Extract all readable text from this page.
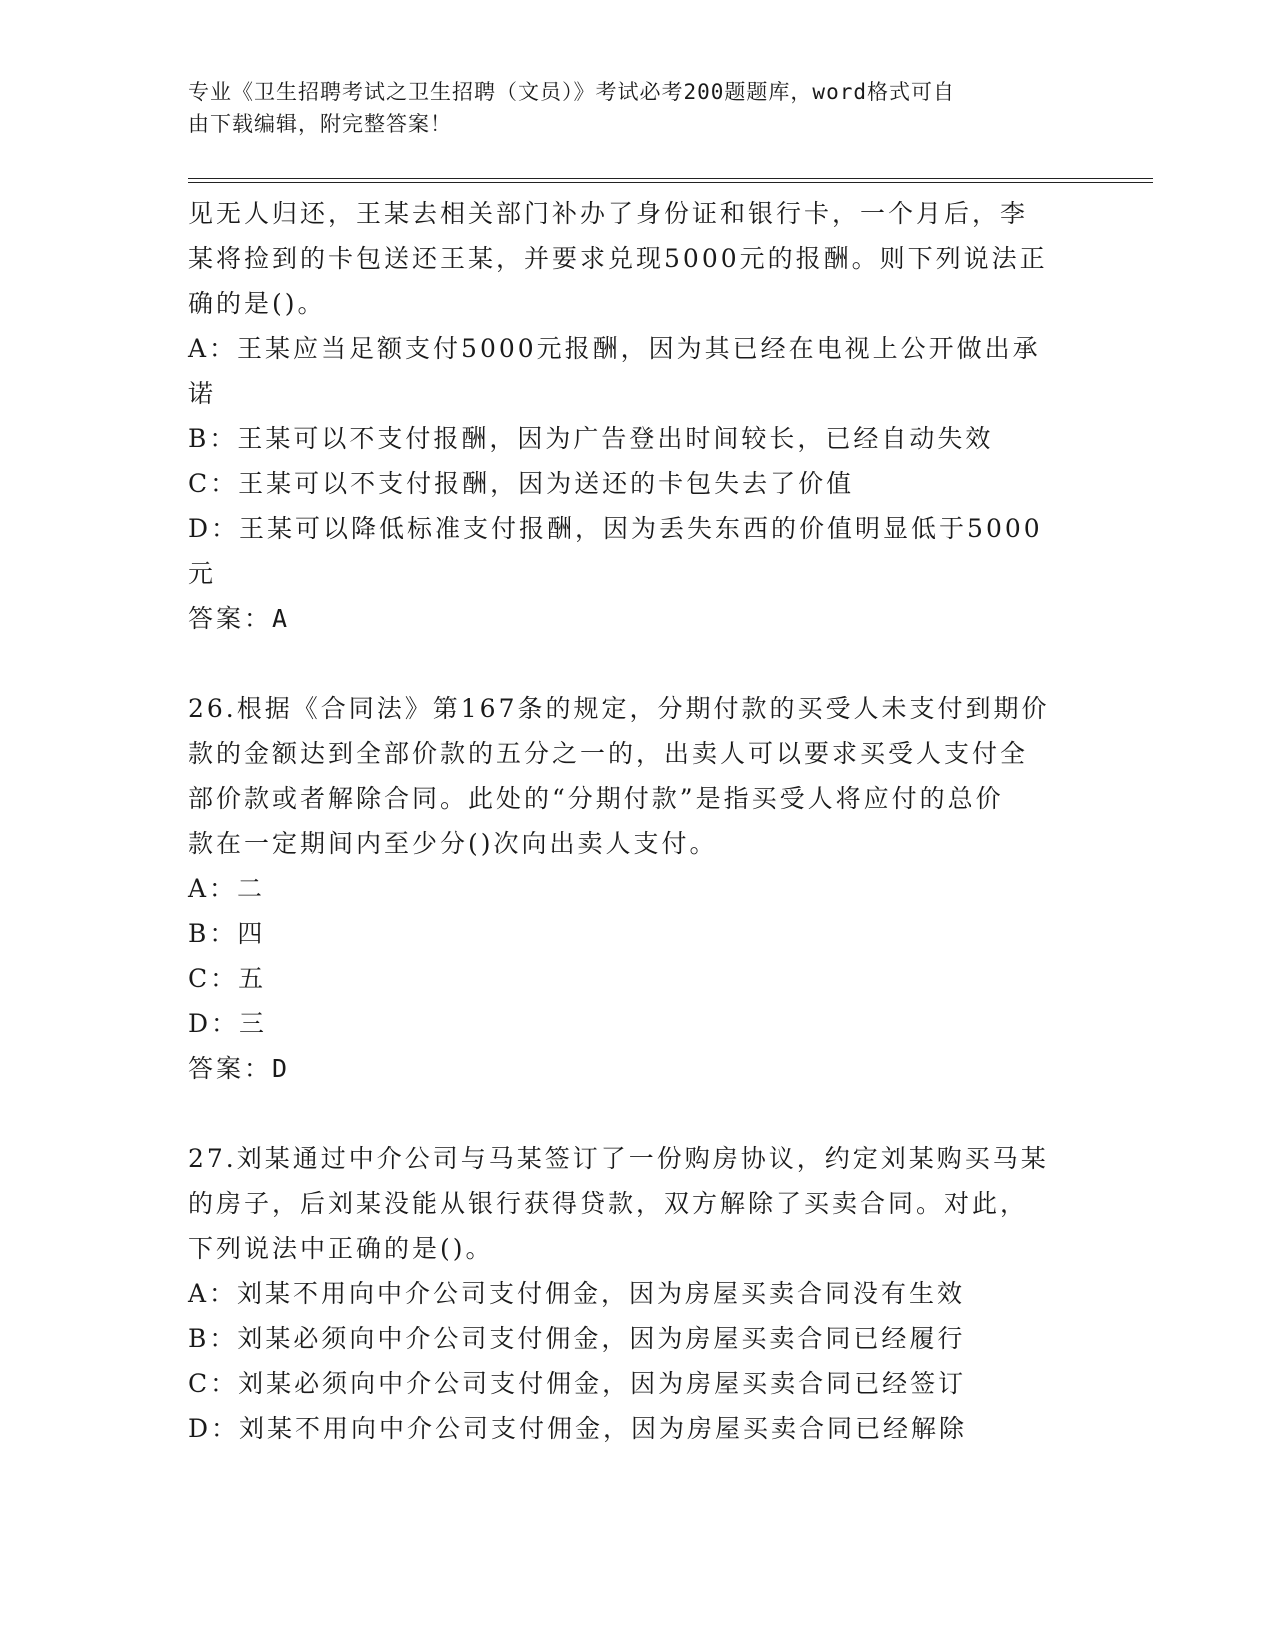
专业《卫生招聘考试之卫生招聘（文员）》考试必考200题题库，word格式可自
由下载编辑，附完整答案！
见无人归还，王某去相关部门补办了身份证和银行卡，一个月后，李
某将捡到的卡包送还王某，并要求兑现5000元的报酬。则下列说法正
确的是()。
A：王某应当足额支付5000元报酬，因为其已经在电视上公开做出承
诺
B：王某可以不支付报酬，因为广告登出时间较长，已经自动失效
C：王某可以不支付报酬，因为送还的卡包失去了价值
D：王某可以降低标准支付报酬，因为丢失东西的价值明显低于5000
元
答案：A
26.根据《合同法》第167条的规定，分期付款的买受人未支付到期价
款的金额达到全部价款的五分之一的，出卖人可以要求买受人支付全
部价款或者解除合同。此处的“分期付款”是指买受人将应付的总价
款在一定期间内至少分()次向出卖人支付。
A：二
B：四
C：五
D：三
答案：D
27.刘某通过中介公司与马某签订了一份购房协议，约定刘某购买马某
的房子，后刘某没能从银行获得贷款，双方解除了买卖合同。对此，
下列说法中正确的是()。
A：刘某不用向中介公司支付佣金，因为房屋买卖合同没有生效
B：刘某必须向中介公司支付佣金，因为房屋买卖合同已经履行
C：刘某必须向中介公司支付佣金，因为房屋买卖合同已经签订
D：刘某不用向中介公司支付佣金，因为房屋买卖合同已经解除
